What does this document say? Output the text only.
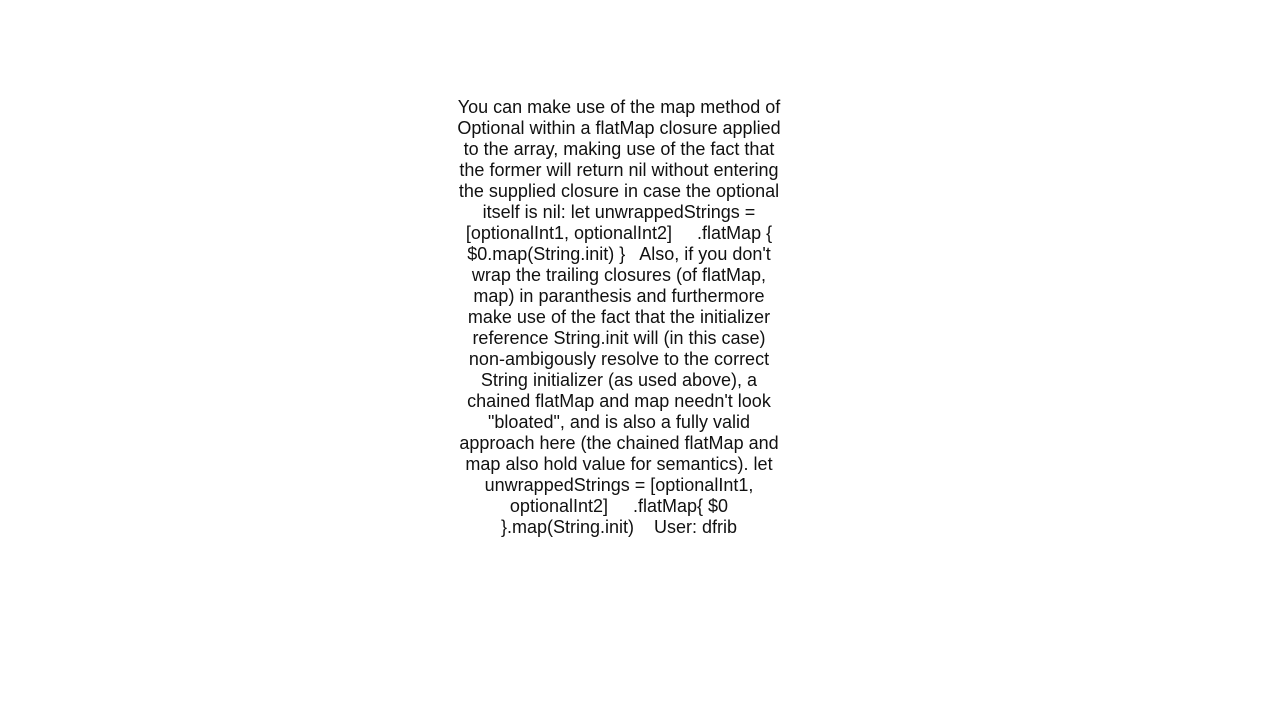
You can make use of the map method of Optional within a flatMap closure applied to the array, making use of the fact that the former will return nil without entering the supplied closure in case the optional itself is nil: let unwrappedStrings = [optionalInt1, optionalInt2]     .flatMap { $0.map(String.init) }   Also, if you don't wrap the trailing closures (of flatMap, map) in paranthesis and furthermore make use of the fact that the initializer reference String.init will (in this case) non-ambigously resolve to the correct String initializer (as used above), a chained flatMap and map needn't look "bloated", and is also a fully valid approach here (the chained flatMap and map also hold value for semantics). let unwrappedStrings = [optionalInt1, optionalInt2]     .flatMap{ $0 }.map(String.init)    User: dfrib
